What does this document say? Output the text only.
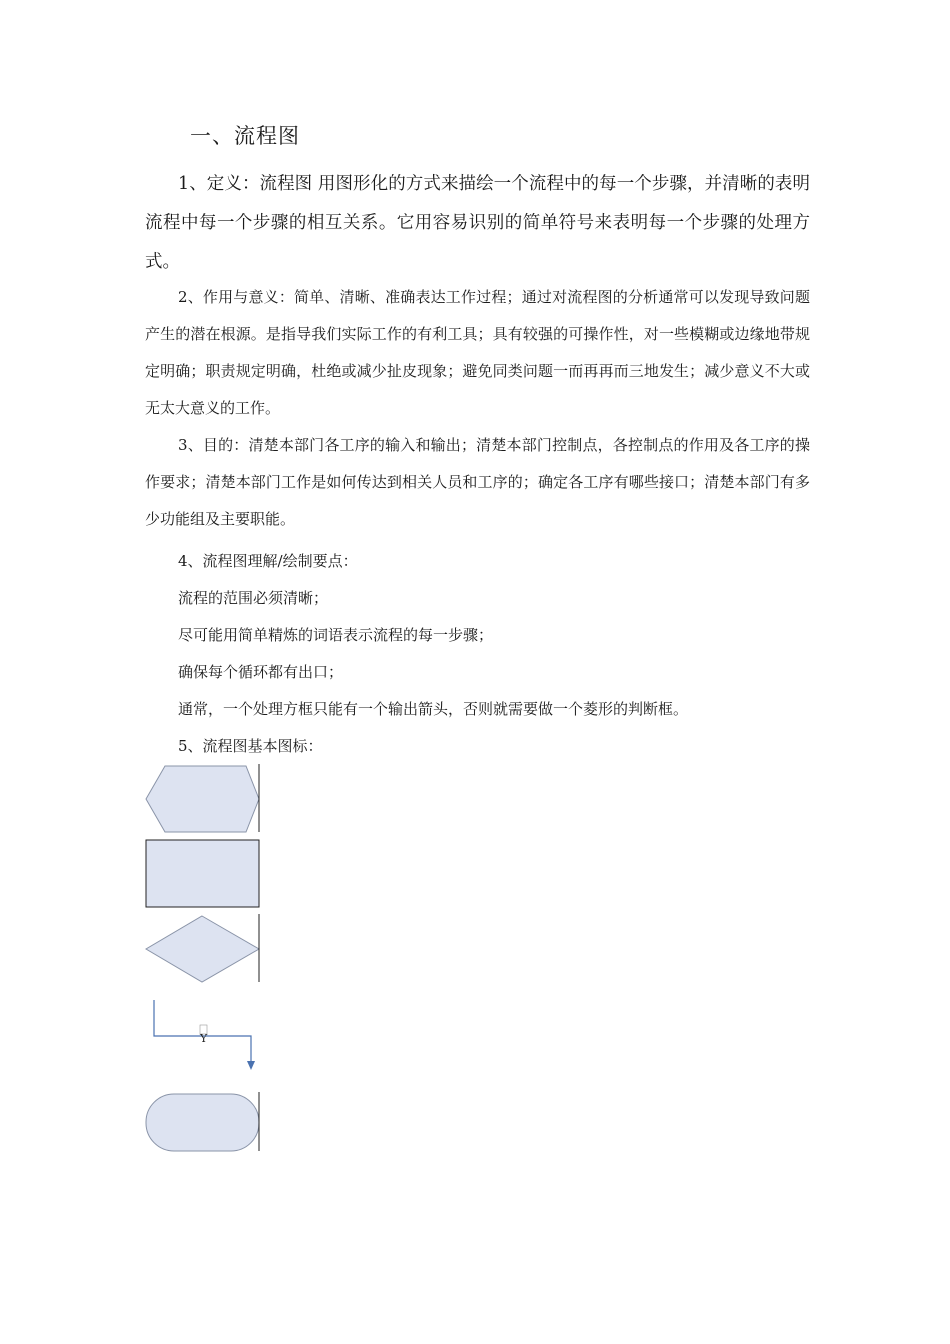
一、流程图

1、定义：流程图 用图形化的方式来描绘一个流程中的每一个步骤，并清晰的表明流程中每一个步骤的相互关系。它用容易识别的简单符号来表明每一个步骤的处理方式。

2、作用与意义：简单、清晰、准确表达工作过程；通过对流程图的分析通常可以发现导致问题产生的潜在根源。是指导我们实际工作的有利工具；具有较强的可操作性，对一些模糊或边缘地带规定明确；职责规定明确，杜绝或减少扯皮现象；避免同类问题一而再再而三地发生；减少意义不大或无太大意义的工作。

3、目的：清楚本部门各工序的输入和输出；清楚本部门控制点，各控制点的作用及各工序的操作要求；清楚本部门工作是如何传达到相关人员和工序的；确定各工序有哪些接口；清楚本部门有多少功能组及主要职能。

4、流程图理解/绘制要点：

流程的范围必须清晰；

尽可能用简单精炼的词语表示流程的每一步骤；

确保每个循环都有出口；

通常，一个处理方框只能有一个输出箭头，否则就需要做一个菱形的判断框。

5、流程图基本图标：

Y
